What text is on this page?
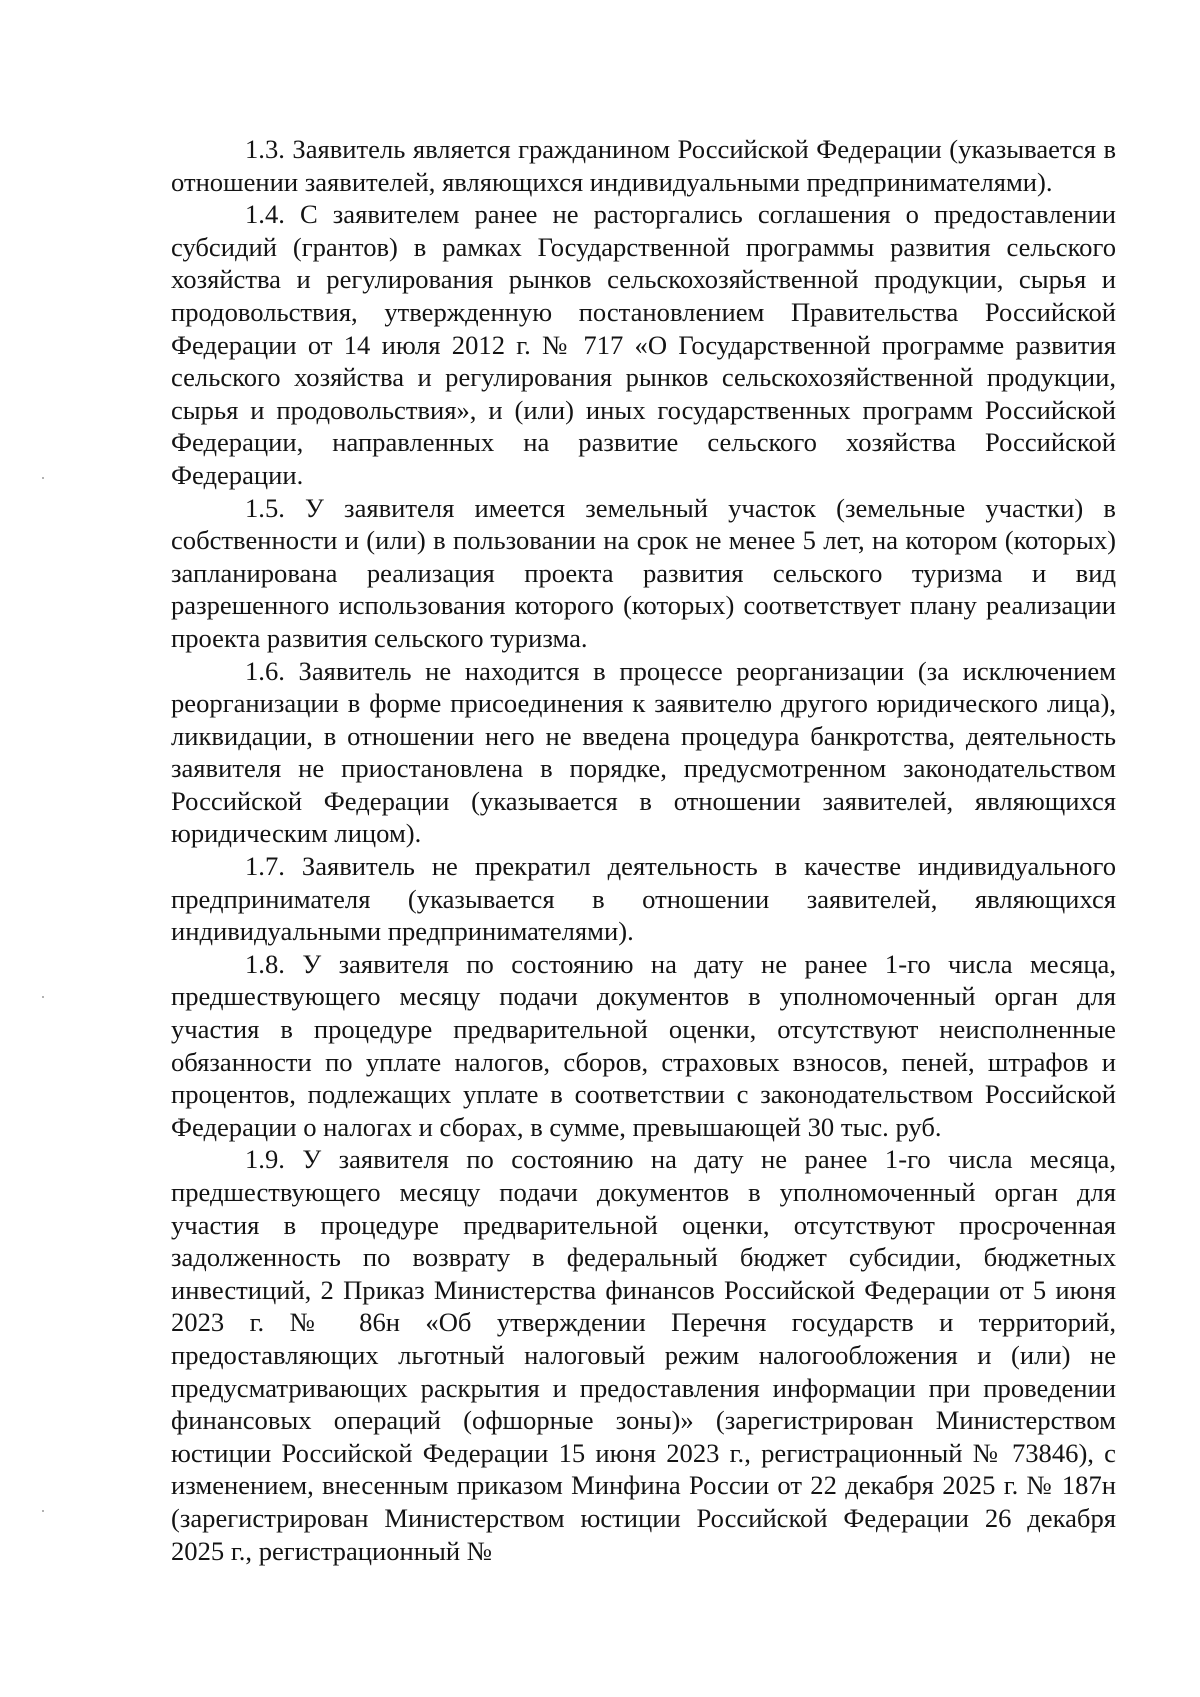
1.3. Заявитель является гражданином Российской Федерации (указывается в отношении заявителей, являющихся индивидуальными предпринимателями).

1.4. С заявителем ранее не расторгались соглашения о предоставлении субсидий (грантов) в рамках Государственной программы развития сельского хозяйства и регулирования рынков сельскохозяйственной продукции, сырья и продовольствия, утвержденную постановлением Правительства Российской Федерации от 14 июля 2012 г. № 717 «О Государственной программе развития сельского хозяйства и регулирования рынков сельскохозяйственной продукции, сырья и продовольствия», и (или) иных государственных программ Российской Федерации, направленных на развитие сельского хозяйства Российской Федерации.

1.5. У заявителя имеется земельный участок (земельные участки) в собственности и (или) в пользовании на срок не менее 5 лет, на котором (которых) запланирована реализация проекта развития сельского туризма и вид разрешенного использования которого (которых) соответствует плану реализации проекта развития сельского туризма.

1.6. Заявитель не находится в процессе реорганизации (за исключением реорганизации в форме присоединения к заявителю другого юридического лица), ликвидации, в отношении него не введена процедура банкротства, деятельность заявителя не приостановлена в порядке, предусмотренном законодательством Российской Федерации (указывается в отношении заявителей, являющихся юридическим лицом).

1.7. Заявитель не прекратил деятельность в качестве индивидуального предпринимателя (указывается в отношении заявителей, являющихся индивидуальными предпринимателями).

1.8. У заявителя по состоянию на дату не ранее 1-го числа месяца, предшествующего месяцу подачи документов в уполномоченный орган для участия в процедуре предварительной оценки, отсутствуют неисполненные обязанности по уплате налогов, сборов, страховых взносов, пеней, штрафов и процентов, подлежащих уплате в соответствии с законодательством Российской Федерации о налогах и сборах, в сумме, превышающей 30 тыс. руб.

1.9. У заявителя по состоянию на дату не ранее 1-го числа месяца, предшествующего месяцу подачи документов в уполномоченный орган для участия в процедуре предварительной оценки, отсутствуют просроченная задолженность по возврату в федеральный бюджет субсидии, бюджетных инвестиций, 2 Приказ Министерства финансов Российской Федерации от 5 июня 2023 г. № 86н «Об утверждении Перечня государств и территорий, предоставляющих льготный налоговый режим налогообложения и (или) не предусматривающих раскрытия и предоставления информации при проведении финансовых операций (офшорные зоны)» (зарегистрирован Министерством юстиции Российской Федерации 15 июня 2023 г., регистрационный № 73846), с изменением, внесенным приказом Минфина России от 22 декабря 2025 г. № 187н (зарегистрирован Министерством юстиции Российской Федерации 26 декабря 2025 г., регистрационный №
